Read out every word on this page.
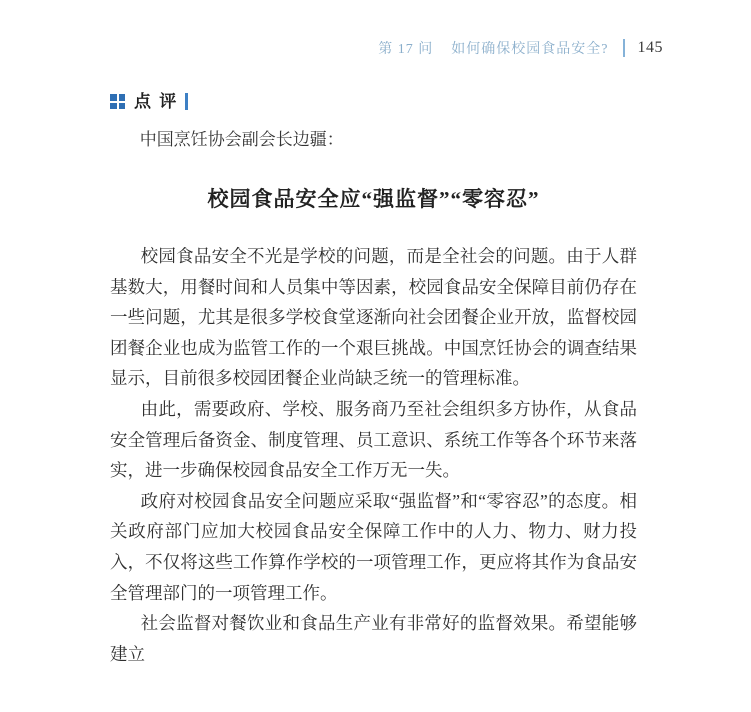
第 17 问 如何确保校园食品安全? 145
点 评

中国烹饪协会副会长边疆：

校园食品安全应“强监督”“零容忍”

校园食品安全不光是学校的问题，而是全社会的问题。由于人群基数大，用餐时间和人员集中等因素，校园食品安全保障目前仍存在一些问题，尤其是很多学校食堂逐渐向社会团餐企业开放，监督校园团餐企业也成为监管工作的一个艰巨挑战。中国烹饪协会的调查结果显示，目前很多校园团餐企业尚缺乏统一的管理标准。

由此，需要政府、学校、服务商乃至社会组织多方协作，从食品安全管理后备资金、制度管理、员工意识、系统工作等各个环节来落实，进一步确保校园食品安全工作万无一失。

政府对校园食品安全问题应采取“强监督”和“零容忍”的态度。相关政府部门应加大校园食品安全保障工作中的人力、物力、财力投入，不仅将这些工作算作学校的一项管理工作，更应将其作为食品安全管理部门的一项管理工作。

社会监督对餐饮业和食品生产业有非常好的监督效果。希望能够建立
